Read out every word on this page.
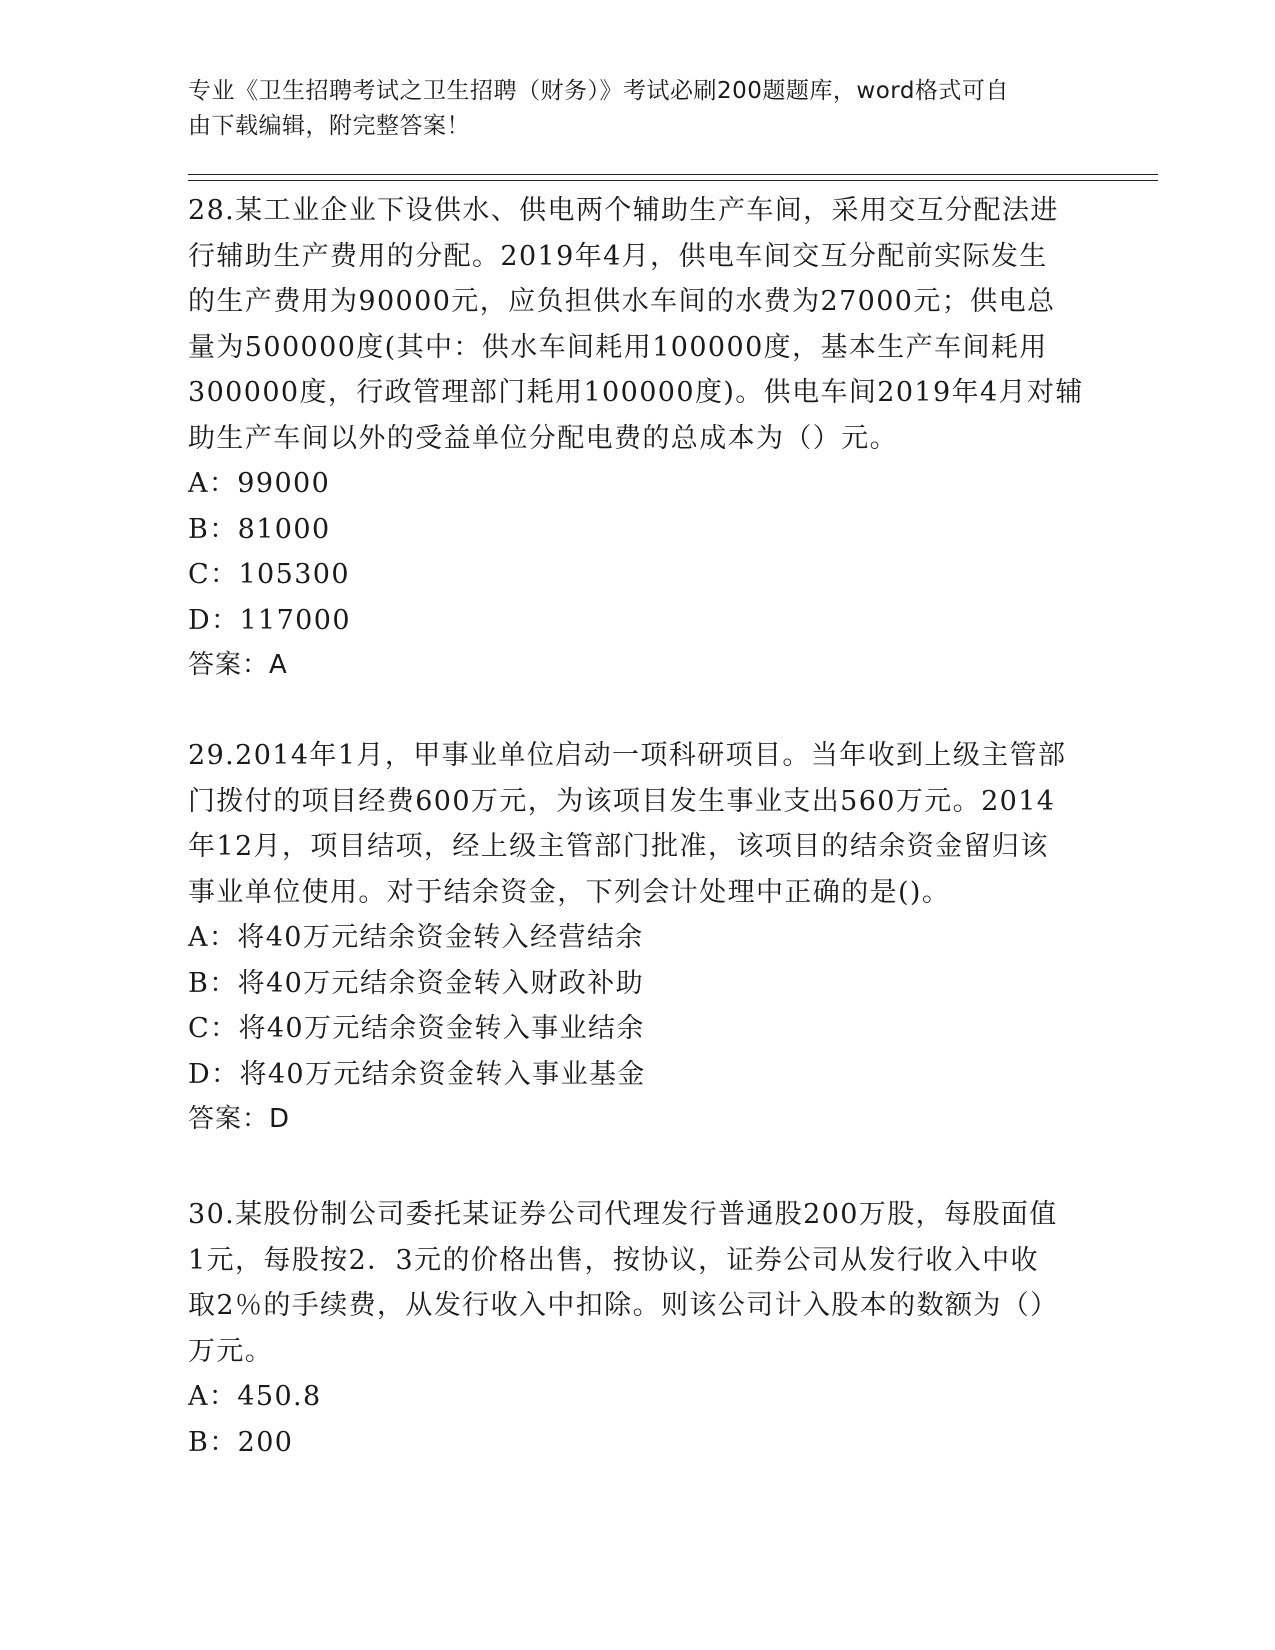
专业《卫生招聘考试之卫生招聘（财务）》考试必刷200题题库，word格式可自
由下载编辑，附完整答案！
28.某工业企业下设供水、供电两个辅助生产车间，采用交互分配法进
行辅助生产费用的分配。2019年4月，供电车间交互分配前实际发生
的生产费用为90000元，应负担供水车间的水费为27000元；供电总
量为500000度(其中：供水车间耗用100000度，基本生产车间耗用
300000度，行政管理部门耗用100000度)。供电车间2019年4月对辅
助生产车间以外的受益单位分配电费的总成本为（）元。
A：99000
B：81000
C：105300
D：117000
答案：A
29.2014年1月，甲事业单位启动一项科研项目。当年收到上级主管部
门拨付的项目经费600万元，为该项目发生事业支出560万元。2014
年12月，项目结项，经上级主管部门批准，该项目的结余资金留归该
事业单位使用。对于结余资金，下列会计处理中正确的是()。
A：将40万元结余资金转入经营结余
B：将40万元结余资金转入财政补助
C：将40万元结余资金转入事业结余
D：将40万元结余资金转入事业基金
答案：D
30.某股份制公司委托某证券公司代理发行普通股200万股，每股面值
1元，每股按2．3元的价格出售，按协议，证券公司从发行收入中收
取2％的手续费，从发行收入中扣除。则该公司计入股本的数额为（）
万元。
A：450.8
B：200
